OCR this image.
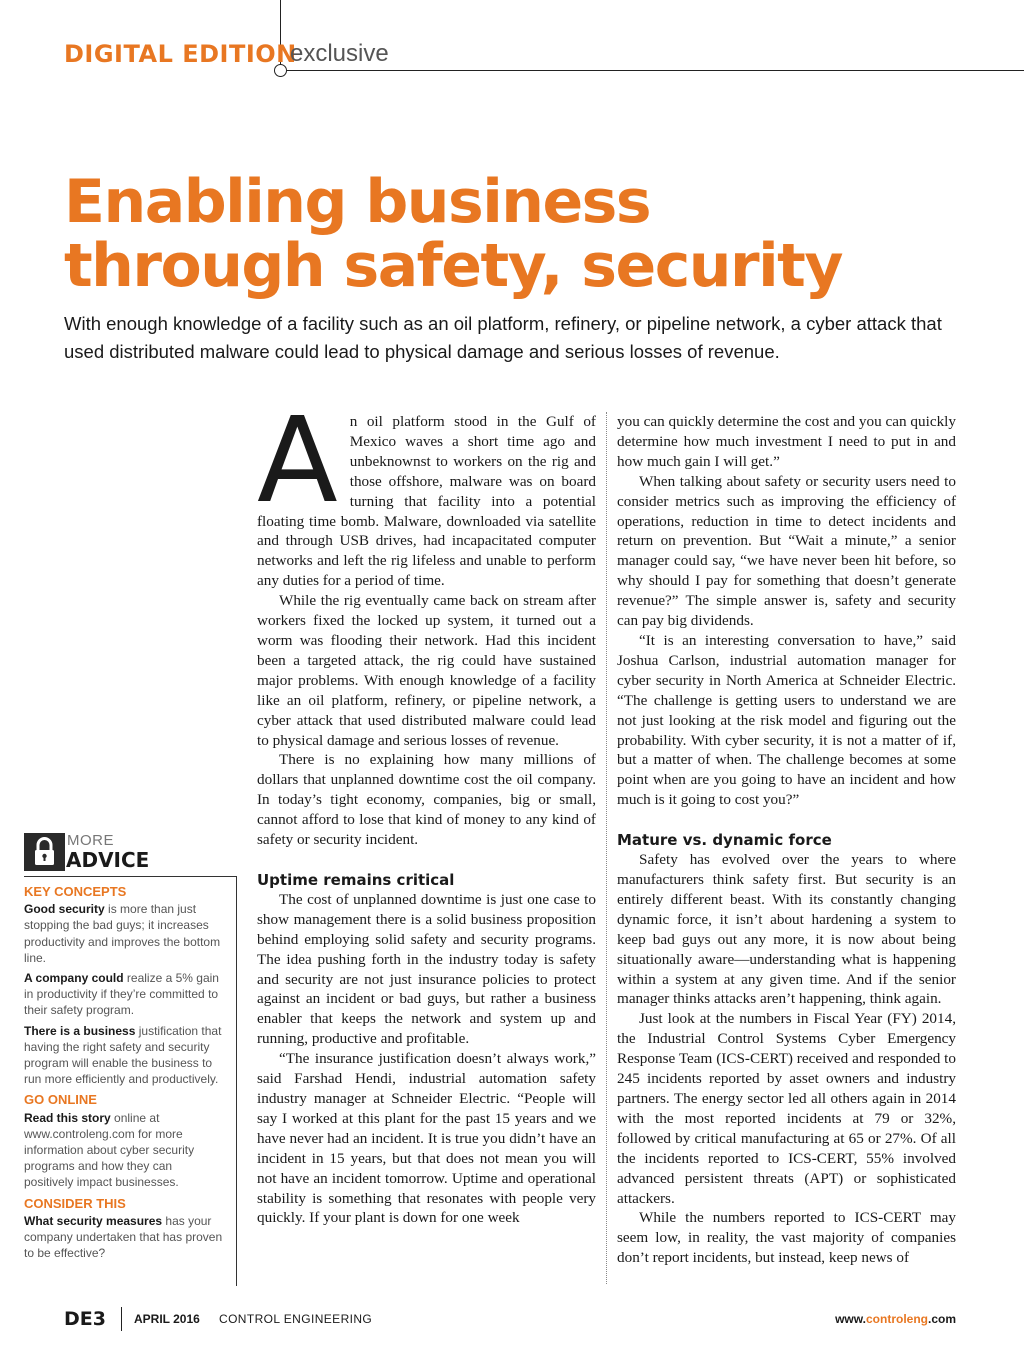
DIGITAL EDITION
exclusive
Enabling business
through safety, security

With enough knowledge of a facility such as an oil platform, refinery, or pipeline network, a cyber attack that used distributed malware could lead to physical damage and serious losses of revenue.

MORE
ADVICE
KEY CONCEPTS
Good security is more than just stopping the bad guys; it increases productivity and improves the bottom line.
A company could realize a 5% gain in productivity if they’re committed to their safety program.
There is a business justification that having the right safety and security program will enable the business to run more efficiently and productively.
GO ONLINE
Read this story online at www.controleng.com for more information about cyber security programs and how they can positively impact businesses.
CONSIDER THIS
What security measures has your company undertaken that has proven to be effective?
A n oil platform stood in the Gulf of Mexico waves a short time ago and unbeknownst to workers on the rig and those offshore, malware was on board turning that facility into a potential floating time bomb. Malware, downloaded via satellite and through USB drives, had incapacitated computer networks and left the rig lifeless and unable to perform any duties for a period of time.

While the rig eventually came back on stream after workers fixed the locked up system, it turned out a worm was flooding their network. Had this incident been a targeted attack, the rig could have sustained major problems. With enough knowledge of a facility like an oil platform, refinery, or pipeline network, a cyber attack that used distributed malware could lead to physical damage and serious losses of revenue.

There is no explaining how many millions of dollars that unplanned downtime cost the oil company. In today’s tight economy, companies, big or small, cannot afford to lose that kind of money to any kind of safety or security incident.

Uptime remains critical

The cost of unplanned downtime is just one case to show management there is a solid business proposition behind employing solid safety and security programs. The idea pushing forth in the industry today is safety and security are not just insurance policies to protect against an incident or bad guys, but rather a business enabler that keeps the network and system up and running, productive and profitable.

“The insurance justification doesn’t always work,” said Farshad Hendi, industrial automation safety industry manager at Schneider Electric. “People will say I worked at this plant for the past 15 years and we have never had an incident. It is true you didn’t have an incident in 15 years, but that does not mean you will not have an incident tomorrow. Uptime and operational stability is something that resonates with people very quickly. If your plant is down for one week

you can quickly determine the cost and you can quickly determine how much investment I need to put in and how much gain I will get.”

When talking about safety or security users need to consider metrics such as improving the efficiency of operations, reduction in time to detect incidents and return on prevention. But “Wait a minute,” a senior manager could say, “we have never been hit before, so why should I pay for something that doesn’t generate revenue?” The simple answer is, safety and security can pay big dividends.

“It is an interesting conversation to have,” said Joshua Carlson, industrial automation manager for cyber security in North America at Schneider Electric. “The challenge is getting users to understand we are not just looking at the risk model and figuring out the probability. With cyber security, it is not a matter of if, but a matter of when. The challenge becomes at some point when are you going to have an incident and how much is it going to cost you?”

Mature vs. dynamic force

Safety has evolved over the years to where manufacturers think safety first. But security is an entirely different beast. With its constantly changing dynamic force, it isn’t about hardening a system to keep bad guys out any more, it is now about being situationally aware—understanding what is happening within a system at any given time. And if the senior manager thinks attacks aren’t happening, think again.

Just look at the numbers in Fiscal Year (FY) 2014, the Industrial Control Systems Cyber Emergency Response Team (ICS-CERT) received and responded to 245 incidents reported by asset owners and industry partners. The energy sector led all others again in 2014 with the most reported incidents at 79 or 32%, followed by critical manufacturing at 65 or 27%. Of all the incidents reported to ICS-CERT, 55% involved advanced persistent threats (APT) or sophisticated attackers.

While the numbers reported to ICS-CERT may seem low, in reality, the vast majority of companies don’t report incidents, but instead, keep news of

DE3 APRIL 2016 CONTROL ENGINEERING	www.controleng.com
